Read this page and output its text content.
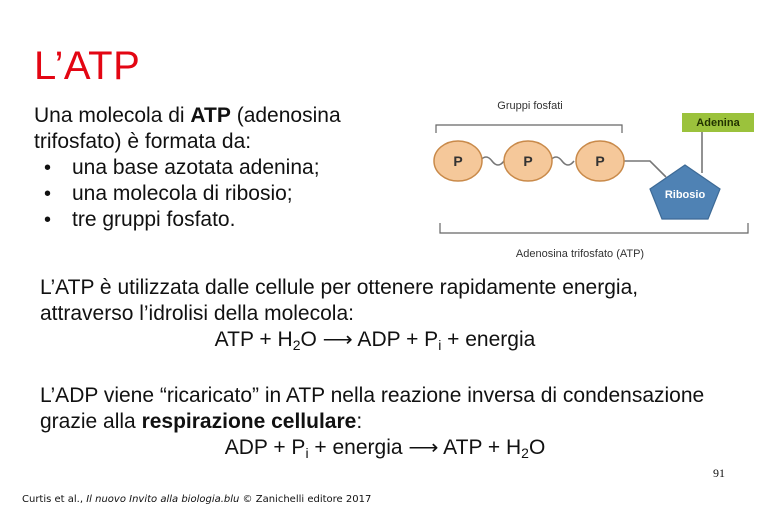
L’ATP
Una molecola di ATP (adenosina trifosfato) è formata da:
• una base azotata adenina;
• una molecola di ribosio;
• tre gruppi fosfato.
Gruppi fosfati
P	P	P
Ribosio
Adenina
Adenosina trifosfato (ATP)
L’ATP è utilizzata dalle cellule per ottenere rapidamente energia, attraverso l’idrolisi della molecola:
ATP + $H_2O$ ⟶ ADP + $P_i$ + energia
L’ADP viene “ricaricato” in ATP nella reazione inversa di condensazione grazie alla respirazione cellulare:
ADP + $P_i$ + energia ⟶ ATP + $H_2O$
91
Curtis et al., Il nuovo Invito alla biologia.blu © Zanichelli editore 2017
